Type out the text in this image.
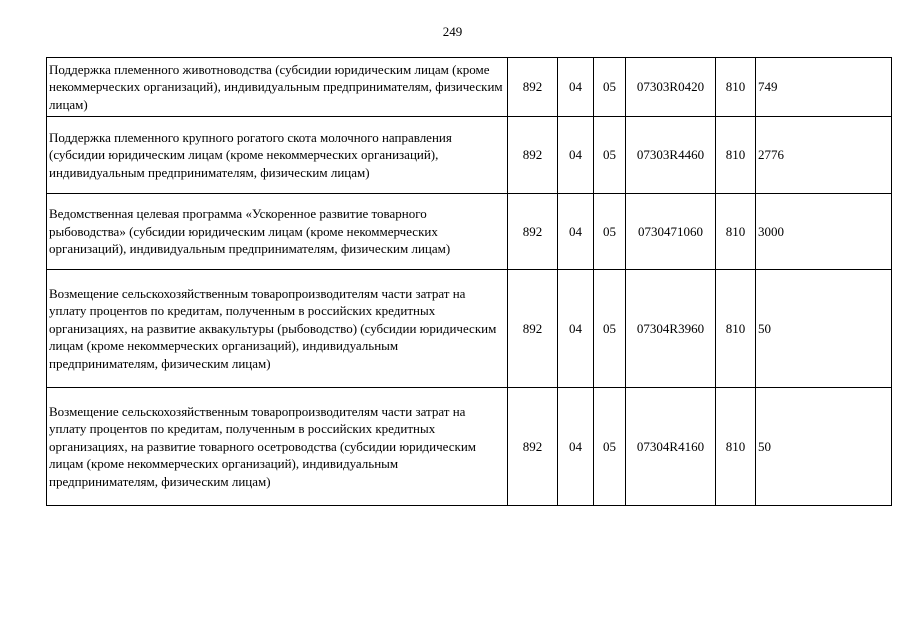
249
Поддержка племенного животноводства (субсидии юридическим лицам (кроме некоммерческих организаций), индивидуальным предпринимателям, физическим лицам)	892	04	05	07303R0420	810	749
Поддержка племенного крупного рогатого скота молочного направления (субсидии юридическим лицам (кроме некоммерческих организаций), индивидуальным предпринимателям, физическим лицам)	892	04	05	07303R4460	810	2776
Ведомственная целевая программа «Ускоренное развитие товарного рыбоводства» (субсидии юридическим лицам (кроме некоммерческих организаций), индивидуальным предпринимателям, физическим лицам)	892	04	05	0730471060	810	3000
Возмещение сельскохозяйственным товаропроизводителям части затрат на уплату процентов по кредитам, полученным в российских кредитных организациях, на развитие аквакультуры (рыбоводство) (субсидии юридическим лицам (кроме некоммерческих организаций), индивидуальным предпринимателям, физическим лицам)	892	04	05	07304R3960	810	50
Возмещение сельскохозяйственным товаропроизводителям части затрат на уплату процентов по кредитам, полученным в российских кредитных организациях, на развитие товарного осетроводства (субсидии юридическим лицам (кроме некоммерческих организаций), индивидуальным предпринимателям, физическим лицам)	892	04	05	07304R4160	810	50
